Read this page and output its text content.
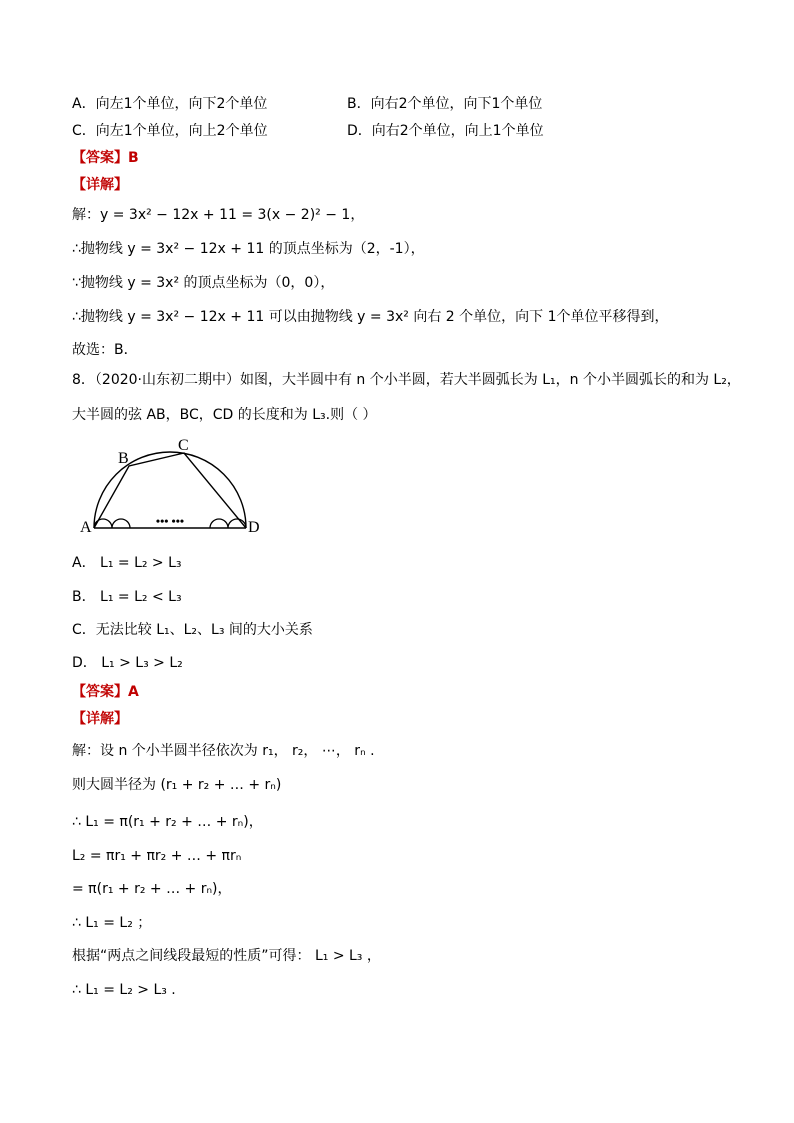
A．向左1个单位，向下2个单位	B．向右2个单位，向下1个单位
C．向左1个单位，向上2个单位	D．向右2个单位，向上1个单位
【答案】B
【详解】
解：y = 3x² − 12x + 11 = 3(x − 2)² − 1，
∴抛物线 y = 3x² − 12x + 11 的顶点坐标为（2，-1），
∵抛物线 y = 3x² 的顶点坐标为（0，0），
∴抛物线 y = 3x² − 12x + 11 可以由抛物线 y = 3x² 向右 2 个单位，向下 1个单位平移得到，
故选：B．
8．（2020·山东初二期中）如图，大半圆中有 n 个小半圆，若大半圆弧长为 L₁，n 个小半圆弧长的和为 L₂，
大半圆的弦 AB，BC，CD 的长度和为 L₃.则（ ）
••• •••
A
B
C
D
A． L₁ = L₂ > L₃
B． L₁ = L₂ < L₃
C．无法比较 L₁、L₂、L₃ 间的大小关系
D． L₁ > L₃ > L₂
【答案】A
【详解】
解：设 n 个小半圆半径依次为 r₁， r₂， ⋯， rₙ .
则大圆半径为 (r₁ + r₂ + … + rₙ)
∴ L₁ = π(r₁ + r₂ + … + rₙ)，
L₂ = πr₁ + πr₂ + … + πrₙ
= π(r₁ + r₂ + … + rₙ)，
∴ L₁ = L₂ ；
根据“两点之间线段最短的性质”可得： L₁ > L₃ ，
∴ L₁ = L₂ > L₃ .
